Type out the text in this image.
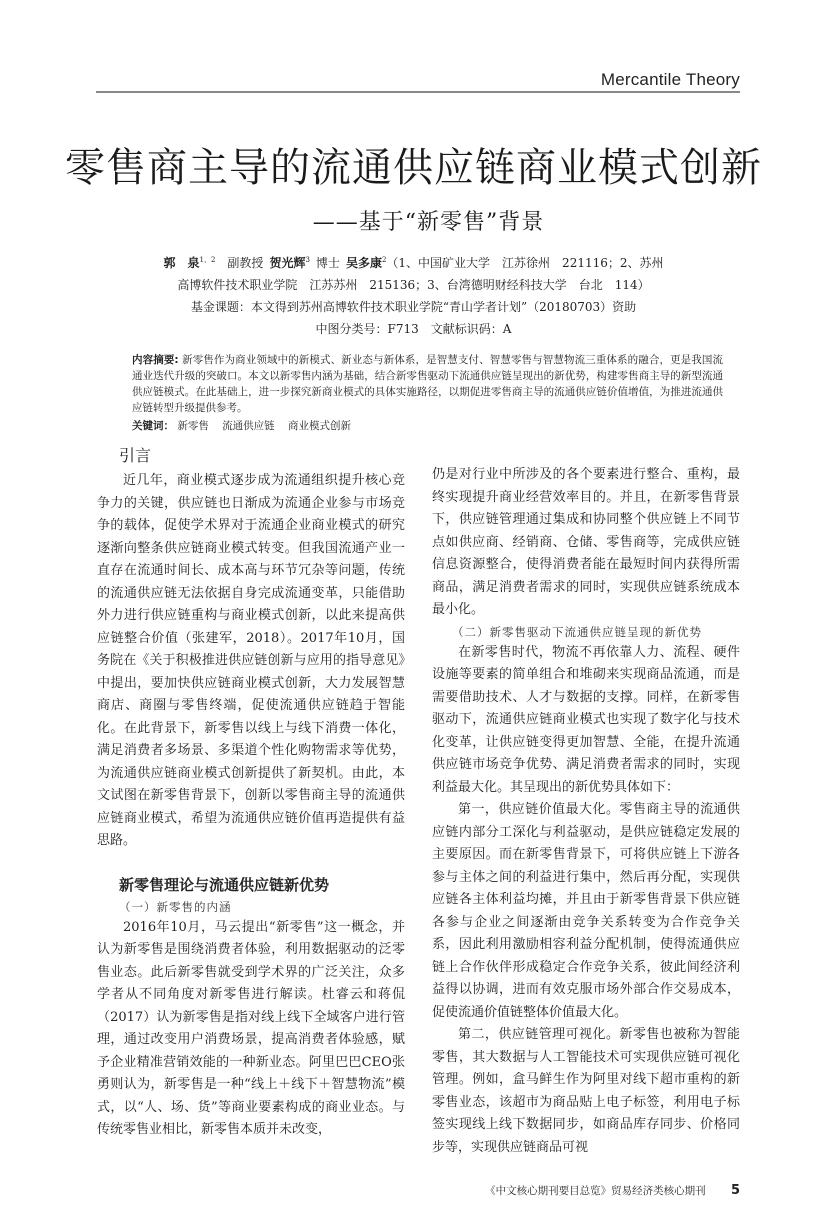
Mercantile Theory
零售商主导的流通供应链商业模式创新
——基于“新零售”背景
郭　泉$^{1、2}$  副教授  贺光辉$^3$  博士  吴多康$^2$（1、中国矿业大学　江苏徐州　221116；2、苏州
高博软件技术职业学院　江苏苏州　215136；3、台湾德明财经科技大学　台北　114）
基金课题：本文得到苏州高博软件技术职业学院“青山学者计划”（20180703）资助
中图分类号：F713　文献标识码：A
内容摘要: 新零售作为商业领域中的新模式、新业态与新体系，是智慧支付、智慧零售与智慧物流三重体系的融合，更是我国流通业迭代升级的突破口。本文以新零售内涵为基础，结合新零售驱动下流通供应链呈现出的新优势，构建零售商主导的新型流通供应链模式。在此基础上，进一步探究新商业模式的具体实施路径，以期促进零售商主导的流通供应链价值增值，为推进流通供应链转型升级提供参考。
关键词： 新零售 流通供应链 商业模式创新
引言

近几年，商业模式逐步成为流通组织提升核心竞争力的关键，供应链也日渐成为流通企业参与市场竞争的载体，促使学术界对于流通企业商业模式的研究逐渐向整条供应链商业模式转变。但我国流通产业一直存在流通时间长、成本高与环节冗杂等问题，传统的流通供应链无法依据自身完成流通变革，只能借助外力进行供应链重构与商业模式创新，以此来提高供应链整合价值（张建军，2018）。2017年10月，国务院在《关于积极推进供应链创新与应用的指导意见》中提出，要加快供应链商业模式创新，大力发展智慧商店、商圈与零售终端，促使流通供应链趋于智能化。在此背景下，新零售以线上与线下消费一体化，满足消费者多场景、多渠道个性化购物需求等优势，为流通供应链商业模式创新提供了新契机。由此，本文试图在新零售背景下，创新以零售商主导的流通供应链商业模式，希望为流通供应链价值再造提供有益思路。

新零售理论与流通供应链新优势
（一）新零售的内涵

2016年10月，马云提出“新零售”这一概念，并认为新零售是围绕消费者体验，利用数据驱动的泛零售业态。此后新零售就受到学术界的广泛关注，众多学者从不同角度对新零售进行解读。杜睿云和蒋侃（2017）认为新零售是指对线上线下全域客户进行管理，通过改变用户消费场景，提高消费者体验感，赋予企业精准营销效能的一种新业态。阿里巴巴CEO张勇则认为，新零售是一种“线上＋线下＋智慧物流”模式，以“人、场、货”等商业要素构成的商业业态。与传统零售业相比，新零售本质并未改变，

仍是对行业中所涉及的各个要素进行整合、重构，最终实现提升商业经营效率目的。并且，在新零售背景下，供应链管理通过集成和协同整个供应链上不同节点如供应商、经销商、仓储、零售商等，完成供应链信息资源整合，使得消费者能在最短时间内获得所需商品，满足消费者需求的同时，实现供应链系统成本最小化。

（二）新零售驱动下流通供应链呈现的新优势

在新零售时代，物流不再依靠人力、流程、硬件设施等要素的简单组合和堆砌来实现商品流通，而是需要借助技术、人才与数据的支撑。同样，在新零售驱动下，流通供应链商业模式也实现了数字化与技术化变革，让供应链变得更加智慧、全能，在提升流通供应链市场竞争优势、满足消费者需求的同时，实现利益最大化。其呈现出的新优势具体如下：

第一，供应链价值最大化。零售商主导的流通供应链内部分工深化与利益驱动，是供应链稳定发展的主要原因。而在新零售背景下，可将供应链上下游各参与主体之间的利益进行集中，然后再分配，实现供应链各主体利益均摊，并且由于新零售背景下供应链各参与企业之间逐渐由竞争关系转变为合作竞争关系，因此利用激励相容利益分配机制，使得流通供应链上合作伙伴形成稳定合作竞争关系，彼此间经济利益得以协调，进而有效克服市场外部合作交易成本，促使流通价值链整体价值最大化。

第二，供应链管理可视化。新零售也被称为智能零售，其大数据与人工智能技术可实现供应链可视化管理。例如，盒马鲜生作为阿里对线下超市重构的新零售业态，该超市为商品贴上电子标签，利用电子标签实现线上线下数据同步，如商品库存同步、价格同步等，实现供应链商品可视

《中文核心期刊要目总览》贸易经济类核心期刊 5
